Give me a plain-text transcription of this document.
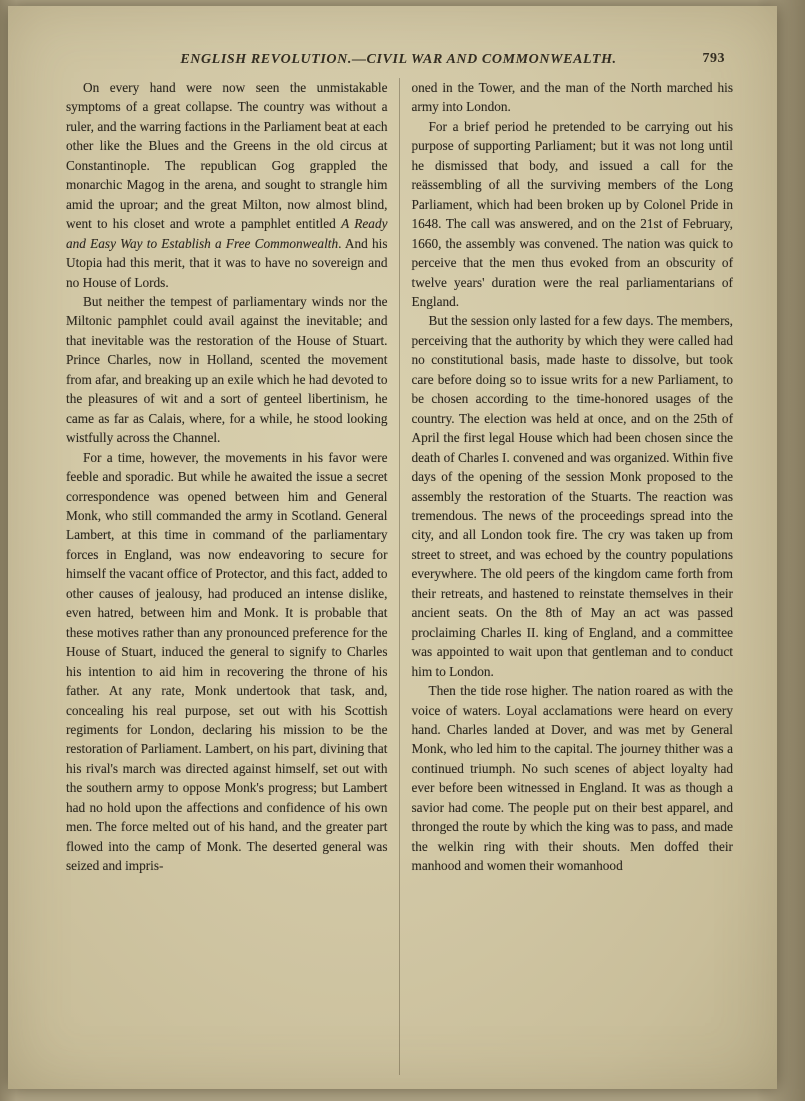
ENGLISH REVOLUTION.—CIVIL WAR AND COMMONWEALTH.	793

On every hand were now seen the unmistakable symptoms of a great collapse. The country was without a ruler, and the warring factions in the Parliament beat at each other like the Blues and the Greens in the old circus at Constantinople. The republican Gog grappled the monarchic Magog in the arena, and sought to strangle him amid the uproar; and the great Milton, now almost blind, went to his closet and wrote a pamphlet entitled A Ready and Easy Way to Establish a Free Commonwealth. And his Utopia had this merit, that it was to have no sovereign and no House of Lords.

But neither the tempest of parliamentary winds nor the Miltonic pamphlet could avail against the inevitable; and that inevitable was the restoration of the House of Stuart. Prince Charles, now in Holland, scented the movement from afar, and breaking up an exile which he had devoted to the pleasures of wit and a sort of genteel libertinism, he came as far as Calais, where, for a while, he stood looking wistfully across the Channel.

For a time, however, the movements in his favor were feeble and sporadic. But while he awaited the issue a secret correspondence was opened between him and General Monk, who still commanded the army in Scotland. General Lambert, at this time in command of the parliamentary forces in England, was now endeavoring to secure for himself the vacant office of Protector, and this fact, added to other causes of jealousy, had produced an intense dislike, even hatred, between him and Monk. It is probable that these motives rather than any pronounced preference for the House of Stuart, induced the general to signify to Charles his intention to aid him in recovering the throne of his father. At any rate, Monk undertook that task, and, concealing his real purpose, set out with his Scottish regiments for London, declaring his mission to be the restoration of Parliament. Lambert, on his part, divining that his rival's march was directed against himself, set out with the southern army to oppose Monk's progress; but Lambert had no hold upon the affections and confidence of his own men. The force melted out of his hand, and the greater part flowed into the camp of Monk. The deserted general was seized and impris-

oned in the Tower, and the man of the North marched his army into London.

For a brief period he pretended to be carrying out his purpose of supporting Parliament; but it was not long until he dismissed that body, and issued a call for the reässembling of all the surviving members of the Long Parliament, which had been broken up by Colonel Pride in 1648. The call was answered, and on the 21st of February, 1660, the assembly was convened. The nation was quick to perceive that the men thus evoked from an obscurity of twelve years' duration were the real parliamentarians of England.

But the session only lasted for a few days. The members, perceiving that the authority by which they were called had no constitutional basis, made haste to dissolve, but took care before doing so to issue writs for a new Parliament, to be chosen according to the time-honored usages of the country. The election was held at once, and on the 25th of April the first legal House which had been chosen since the death of Charles I. convened and was organized. Within five days of the opening of the session Monk proposed to the assembly the restoration of the Stuarts. The reaction was tremendous. The news of the proceedings spread into the city, and all London took fire. The cry was taken up from street to street, and was echoed by the country populations everywhere. The old peers of the kingdom came forth from their retreats, and hastened to reinstate themselves in their ancient seats. On the 8th of May an act was passed proclaiming Charles II. king of England, and a committee was appointed to wait upon that gentleman and to conduct him to London.

Then the tide rose higher. The nation roared as with the voice of waters. Loyal acclamations were heard on every hand. Charles landed at Dover, and was met by General Monk, who led him to the capital. The journey thither was a continued triumph. No such scenes of abject loyalty had ever before been witnessed in England. It was as though a savior had come. The people put on their best apparel, and thronged the route by which the king was to pass, and made the welkin ring with their shouts. Men doffed their manhood and women their womanhood
